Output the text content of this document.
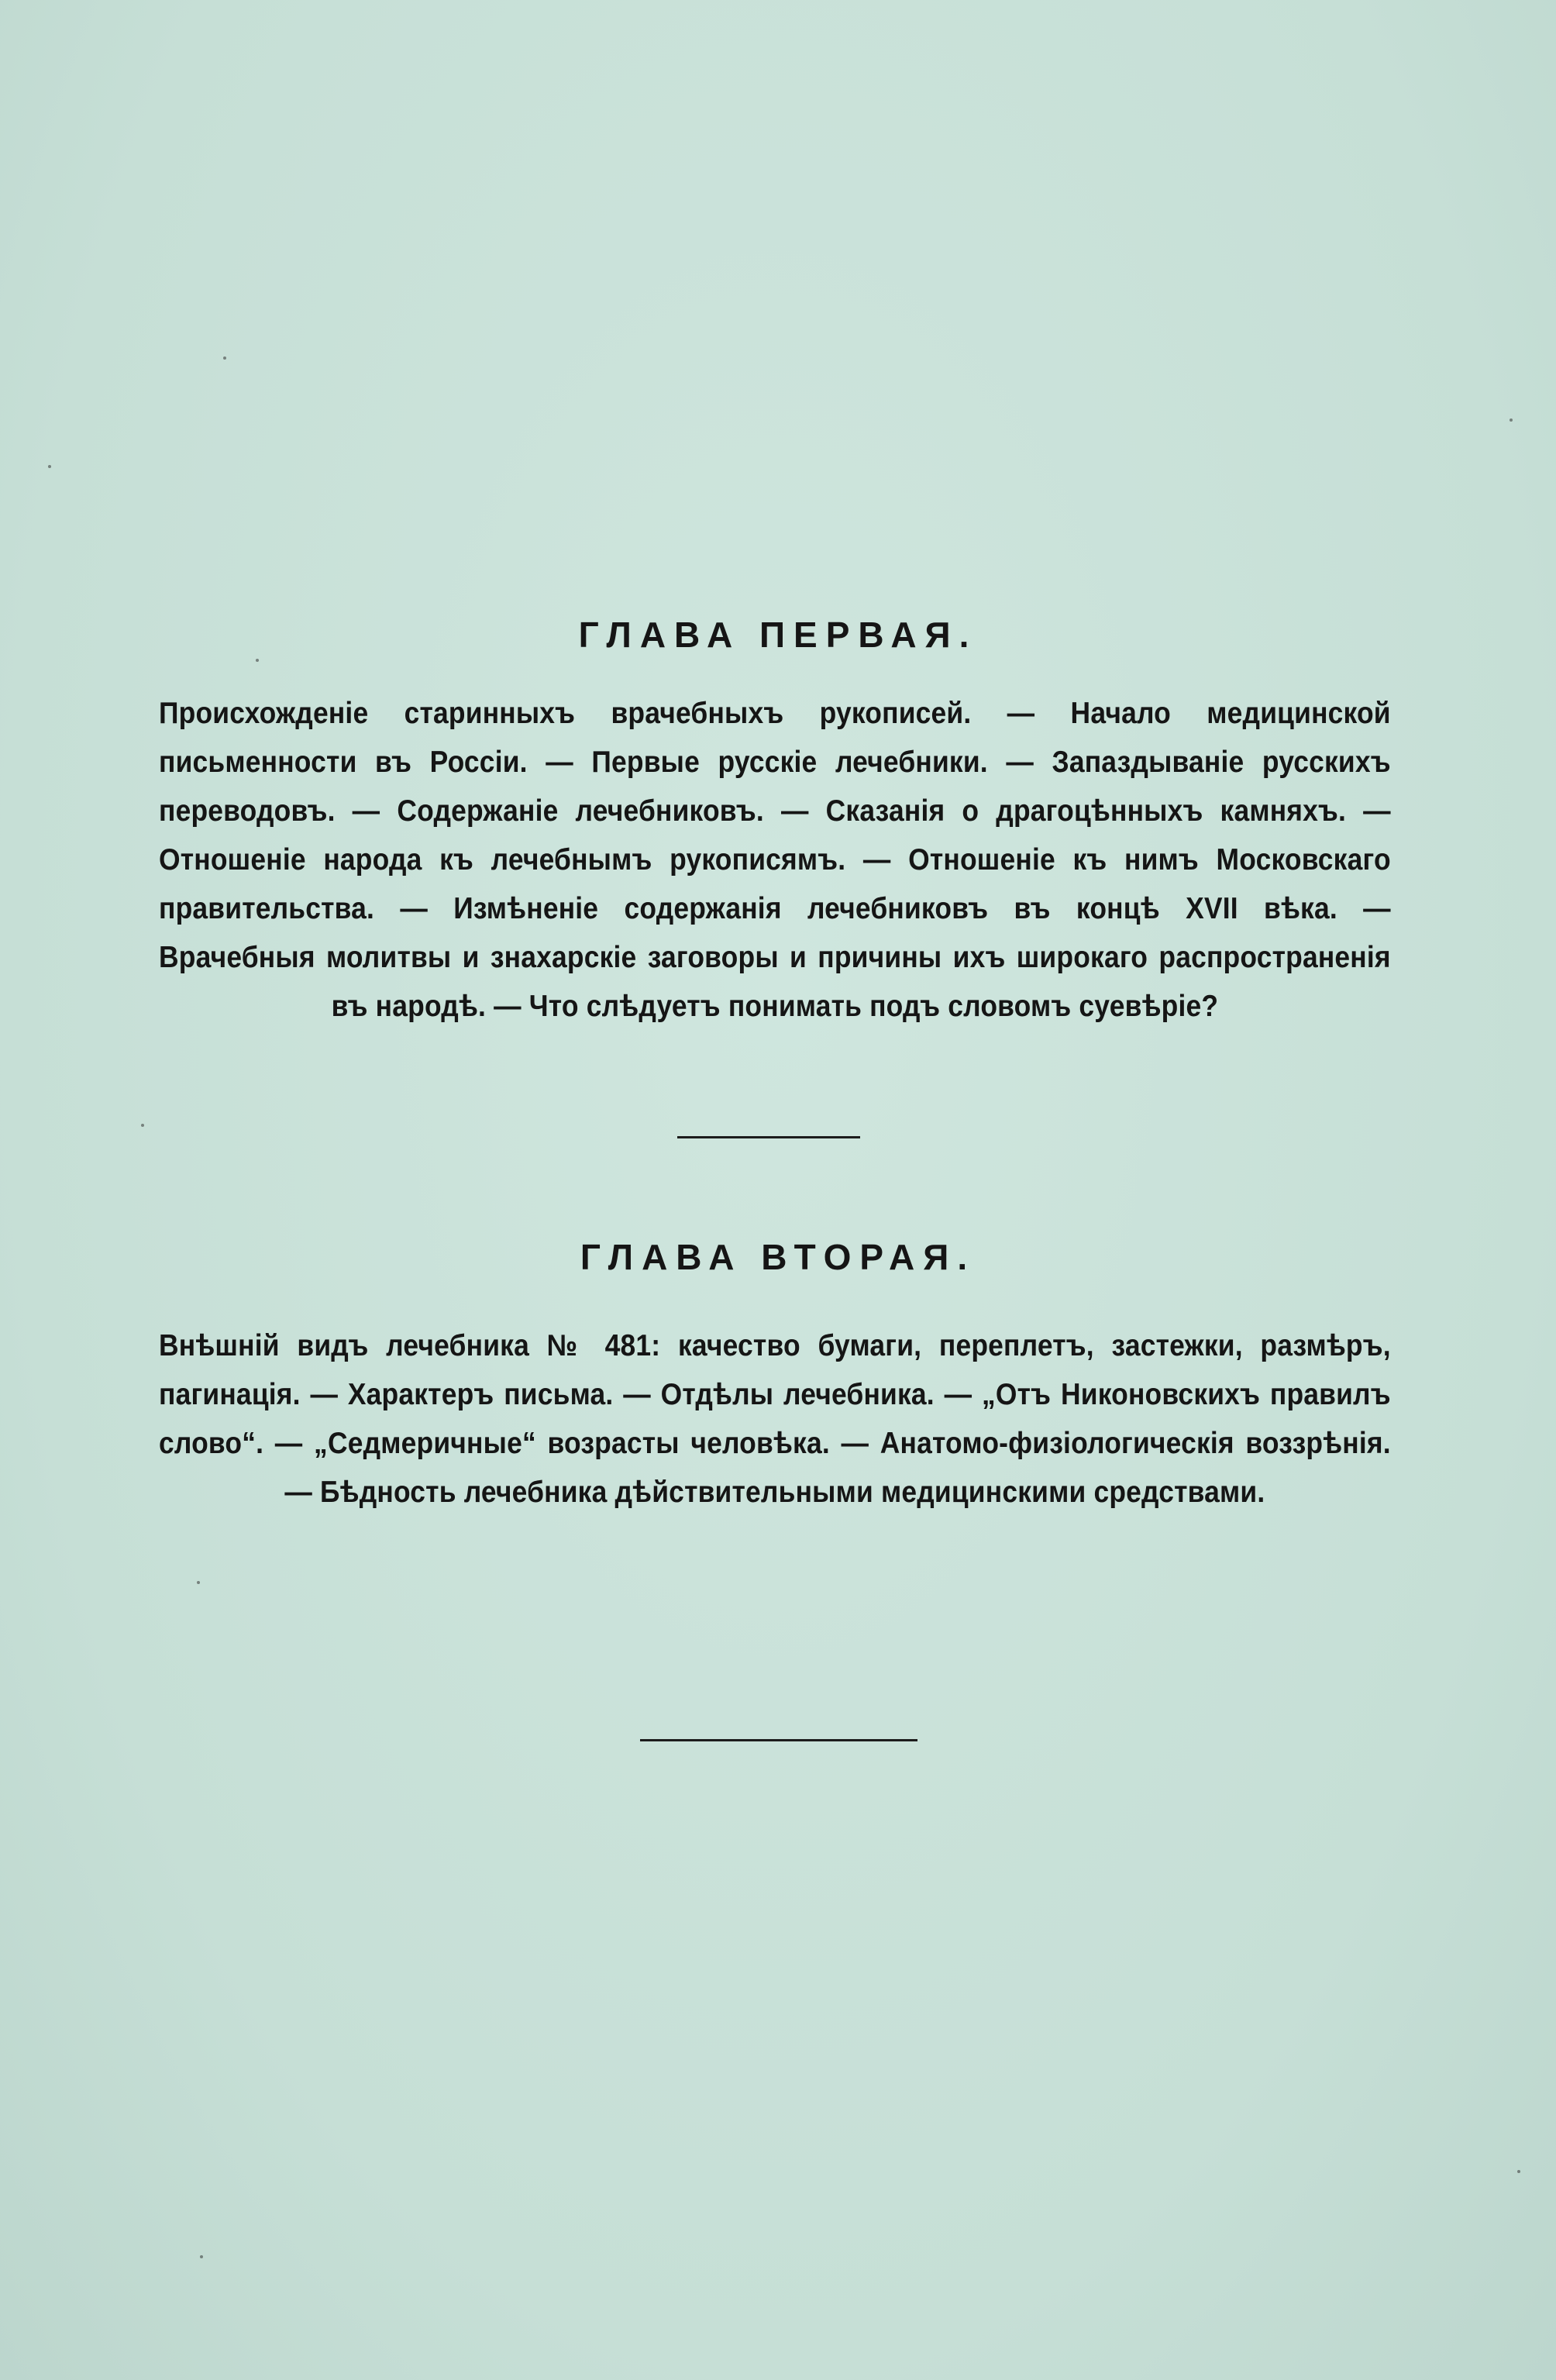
ГЛАВА ПЕРВАЯ.

Происхожденіе старинныхъ врачебныхъ рукописей. — Начало медицинской письменности въ Россіи. — Первые русскіе лечебники. — Запаздываніе русскихъ переводовъ. — Содержаніе лечебниковъ. — Сказанія о драгоцѣнныхъ камняхъ. — Отношеніе народа къ лечебнымъ рукописямъ. — Отношеніе къ нимъ Московскаго правительства. — Измѣненіе содержанія лечебниковъ въ концѣ XVII вѣка. — Врачебныя молитвы и знахарскіе заговоры и причины ихъ широкаго распространенія въ народѣ. — Что слѣдуетъ понимать подъ словомъ суевѣріе?

ГЛАВА ВТОРАЯ.

Внѣшній видъ лечебника № 481: качество бумаги, переплетъ, застежки, размѣръ, пагинація. — Характеръ письма. — Отдѣлы лечебника. — „Отъ Никоновскихъ правилъ слово“. — „Седмеричные“ возрасты человѣка. — Анатомо-физіологическія воззрѣнія. — Бѣдность лечебника дѣйствительными медицинскими средствами.
